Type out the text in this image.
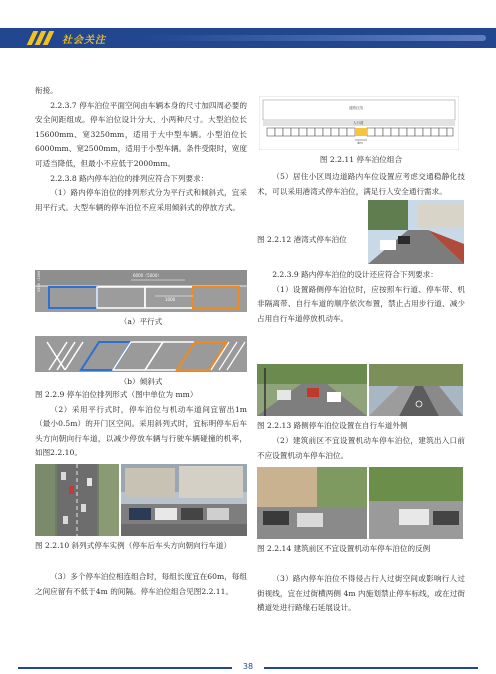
社会关注

衔接。

2.2.3.7 停车泊位平面空间由车辆本身的尺寸加四周必要的安全间距组成。停车泊位设计分大、小两种尺寸。大型泊位长15600mm、宽3250mm，适用于大中型车辆。小型泊位长6000mm、宽2500mm，适用于小型车辆。条件受限时，宽度可适当降低，但最小不应低于2000mm。

2.2.3.8 路内停车泊位的排列应符合下列要求：

（1）路内停车泊位的排列形式分为平行式和倾斜式，宜采用平行式。大型车辆的停车泊位不应采用倾斜式的停放方式。

6000（5000）
2500（2000）
1000
（a）平行式
（b）倾斜式

图 2.2.9 停车泊位排列形式（图中单位为 mm）

（2）采用平行式时，停车泊位与机动车道间宜留出1m（最小0.5m）的开门区空间。采用斜列式时，宜标明停车后车头方向朝向行车道，以减少停放车辆与行驶车辆碰撞的机率，如图2.2.10。

图 2.2.10 斜列式停车实例（停车后车头方向朝向行车道）

（3）多个停车泊位相连组合时，每组长度宜在60m，每组之间应留有不低于4m 的间隔。停车泊位组合见图2.2.11。

道路红线
人行道
4m
图 2.2.11 停车泊位组合

（5）居住小区周边道路内车位设置应考虑交通稳静化技术，可以采用港湾式停车泊位，满足行人安全通行需求。

图 2.2.12 港湾式停车泊位

2.2.3.9 路内停车泊位的设计还应符合下列要求：

（1）设置路侧停车泊位时，应按照车行道、停车带、机非隔离带、自行车道的顺序依次布置，禁止占用步行道、减少占用自行车道停放机动车。

图 2.2.13 路侧停车泊位设置在自行车道外侧

（2）建筑前区不宜设置机动车停车泊位，建筑出入口前不应设置机动车停车泊位。

图 2.2.14 建筑前区不宜设置机动车停车泊位的反例

（3）路内停车泊位不得侵占行人过街空间或影响行人过街视线，宜在过街横两侧 4m 内施划禁止停车标线，或在过街横道处进行路缘石延展设计。

38
